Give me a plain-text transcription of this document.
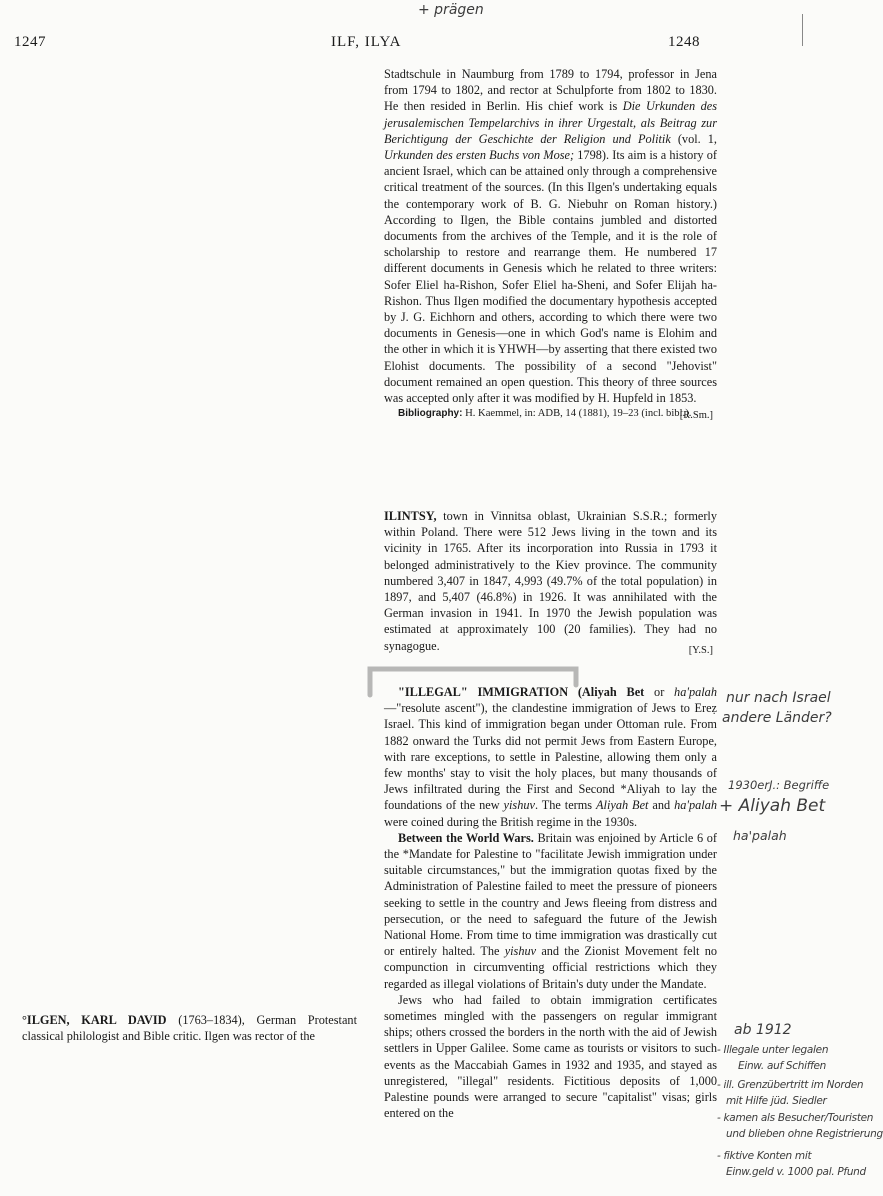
1247	ILF, ILYA	1248
+ prägen

Stadtschule in Naumburg from 1789 to 1794, professor in Jena from 1794 to 1802, and rector at Schulpforte from 1802 to 1830. He then resided in Berlin. His chief work is Die Urkunden des jerusalemischen Tempelarchivs in ihrer Urgestalt, als Beitrag zur Berichtigung der Geschichte der Religion und Politik (vol. 1, Urkunden des ersten Buchs von Mose; 1798). Its aim is a history of ancient Israel, which can be attained only through a comprehensive critical treatment of the sources. (In this Ilgen's undertaking equals the contemporary work of B. G. Niebuhr on Roman history.) According to Ilgen, the Bible contains jumbled and distorted documents from the archives of the Temple, and it is the role of scholarship to restore and rearrange them. He numbered 17 different documents in Genesis which he related to three writers: Sofer Eliel ha-Rishon, Sofer Eliel ha-Sheni, and Sofer Elijah ha-Rishon. Thus Ilgen modified the documentary hypothesis accepted by J. G. Eichhorn and others, according to which there were two documents in Genesis—one in which God's name is Elohim and the other in which it is YHWH—by asserting that there existed two Elohist documents. The possibility of a second "Jehovist" document remained an open question. This theory of three sources was accepted only after it was modified by H. Hupfeld in 1853.

Bibliography: H. Kaemmel, in: ADB, 14 (1881), 19–23 (incl. bibl.).

[R.Sm.]

ILINTSY, town in Vinnitsa oblast, Ukrainian S.S.R.; formerly within Poland. There were 512 Jews living in the town and its vicinity in 1765. After its incorporation into Russia in 1793 it belonged administratively to the Kiev province. The community numbered 3,407 in 1847, 4,993 (49.7% of the total population) in 1897, and 5,407 (46.8%) in 1926. It was annihilated with the German invasion in 1941. In 1970 the Jewish population was estimated at approximately 100 (20 families). They had no synagogue.	[Y.S.]

"ILLEGAL" IMMIGRATION (Aliyah Bet or ha'palah—"resolute ascent"), the clandestine immigration of Jews to Ereẓ Israel. This kind of immigration began under Ottoman rule. From 1882 onward the Turks did not permit Jews from Eastern Europe, with rare exceptions, to settle in Palestine, allowing them only a few months' stay to visit the holy places, but many thousands of Jews infiltrated during the First and Second *Aliyah to lay the foundations of the new yishuv. The terms Aliyah Bet and ha'palah were coined during the British regime in the 1930s.

Between the World Wars. Britain was enjoined by Article 6 of the *Mandate for Palestine to "facilitate Jewish immigration under suitable circumstances," but the immigration quotas fixed by the Administration of Palestine failed to meet the pressure of pioneers seeking to settle in the country and Jews fleeing from distress and persecution, or the need to safeguard the future of the Jewish National Home. From time to time immigration was drastically cut or entirely halted. The yishuv and the Zionist Movement felt no compunction in circumventing official restrictions which they regarded as illegal violations of Britain's duty under the Mandate.

Jews who had failed to obtain immigration certificates sometimes mingled with the passengers on regular immigrant ships; others crossed the borders in the north with the aid of Jewish settlers in Upper Galilee. Some came as tourists or visitors to such events as the Maccabiah Games in 1932 and 1935, and stayed as unregistered, "illegal" residents. Fictitious deposits of 1,000 Palestine pounds were arranged to secure "capitalist" visas; girls entered on the

°ILGEN, KARL DAVID (1763–1834), German Protestant classical philologist and Bible critic. Ilgen was rector of the
nur nach Israel
andere Länder?
1930erJ.: Begriffe
+ Aliyah Bet
ha'palah
ab 1912
- Illegale unter legalen
Einw. auf Schiffen
- ill. Grenzübertritt im Norden
mit Hilfe jüd. Siedler
- kamen als Besucher/Touristen
und blieben ohne Registrierung
- fiktive Konten mit
Einw.geld v. 1000 pal. Pfund
